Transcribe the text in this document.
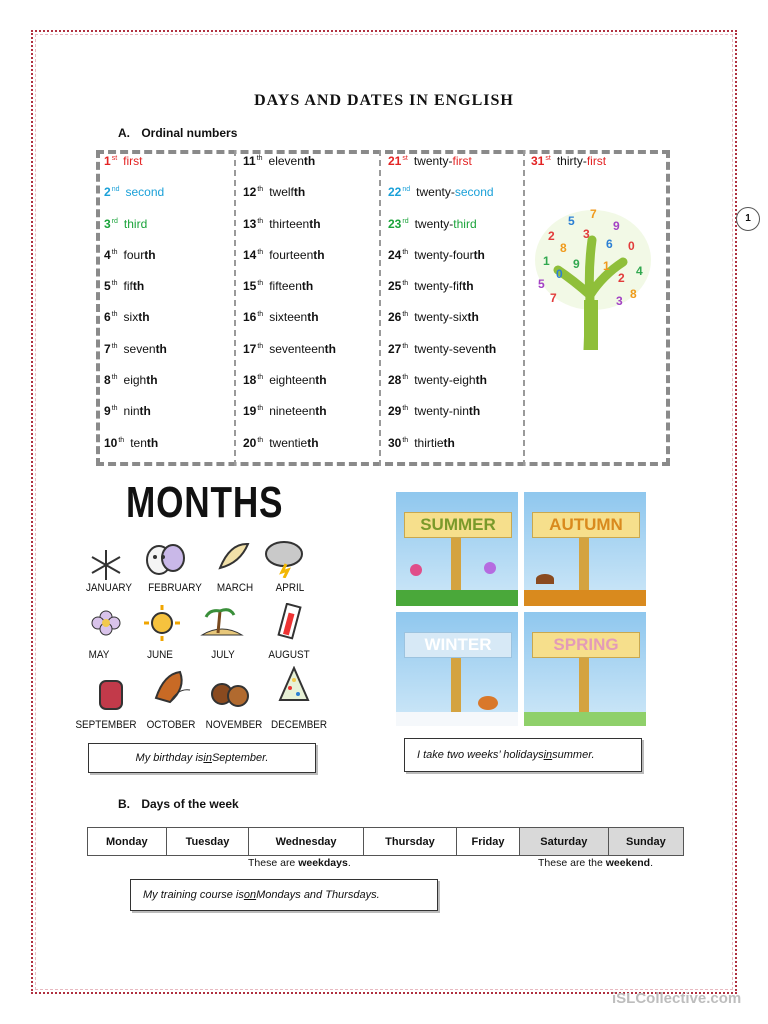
1
DAYS AND DATES IN ENGLISH
A. Ordinal numbers
1st first
2nd second
3rd third
4th fourth
5th fifth
6th sixth
7th seventh
8th eighth
9th ninth
10th tenth
11th eleventh
12th twelfth
13th thirteenth
14th fourteenth
15th fifteenth
16th sixteenth
17th seventeenth
18th eighteenth
19th nineteenth
20th twentieth
21st twenty-first
22nd twenty-second
23rd twenty-third
24th twenty-fourth
25th twenty-fifth
26th twenty-sixth
27th twenty-seventh
28th twenty-eighth
29th twenty-ninth
30th thirtieth
31st thirty-first
2
5 7
9
0
1
8
3
6
4
5
0	2
1
9
8
7	3
MONTHS
JANUARY	FEBRUARY	MARCH	APRIL
MAY	JUNE	JULY	AUGUST
SEPTEMBER OCTOBER NOVEMBER DECEMBER
SUMMER	AUTUMN
WINTER	SPRING
My birthday is in September.	I take two weeks’ holidays in summer.
B. Days of the week
Monday	Tuesday	Wednesday	Thursday	Friday	Saturday	Sunday
These are weekdays.	These are the weekend.
My training course is on Mondays and Thursdays.
iSLCollective.com
